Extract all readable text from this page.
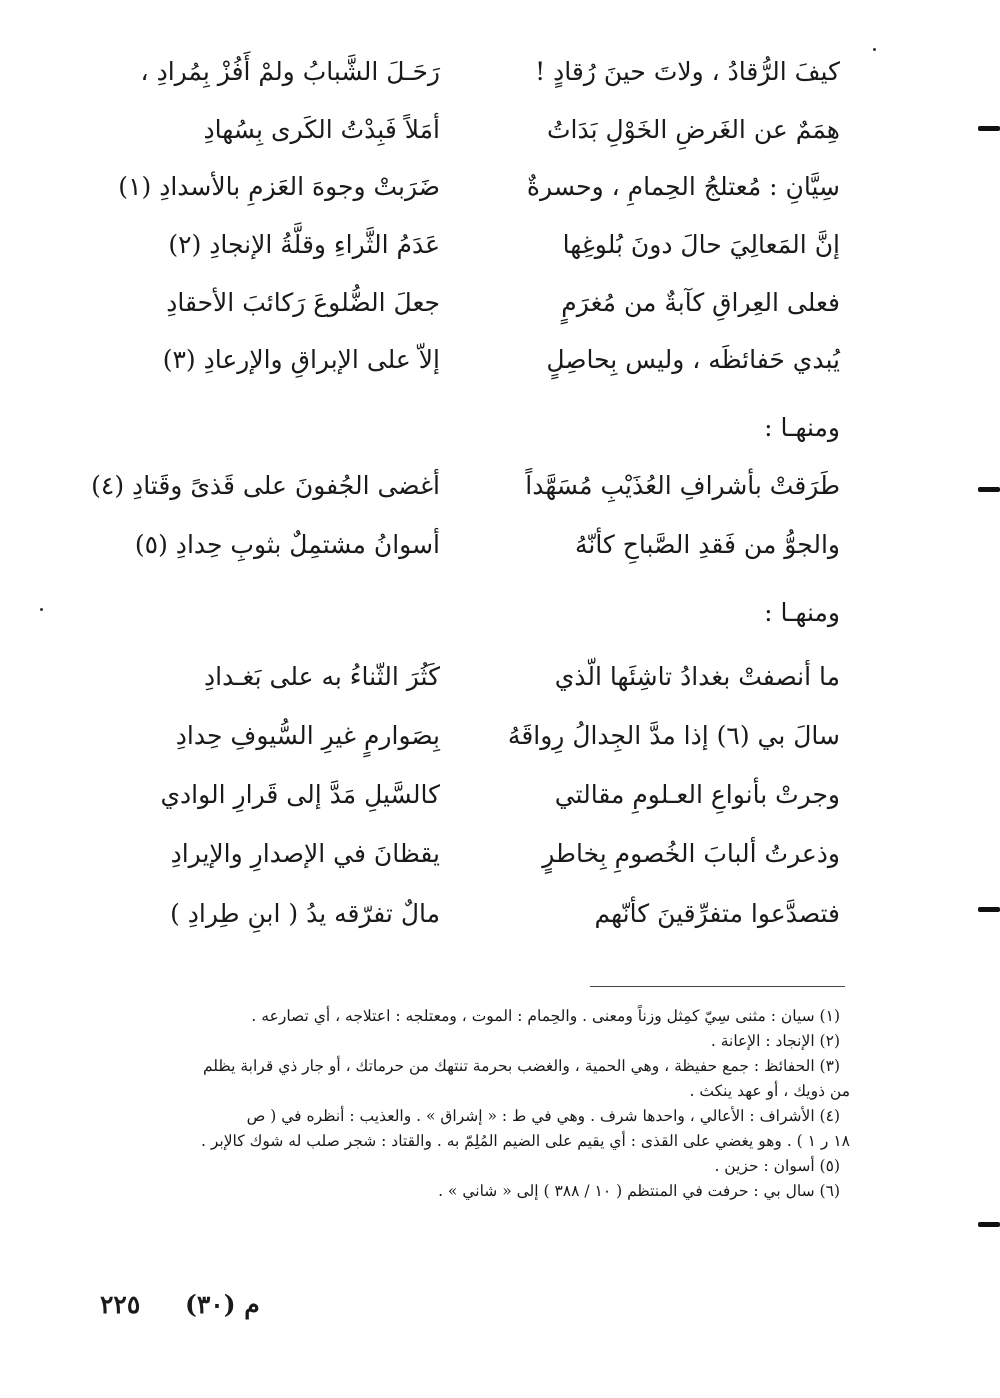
كيفَ الرُّقادُ ، ولاتَ حينَ رُقادٍ !
رَحَـلَ الشَّبابُ ولمْ أَفُزْ بِمُرادِ ،
هِمَمٌ عن الغَرضِ الخَوْلِ بَدَاتُ
أمَلاً فَبِدْتُ الكَرى بِسُهادِ
سِيَّانِ : مُعتلجُ الحِمامِ ، وحسرةٌ
ضَرَبتْ وجوهَ العَزمِ بالأسدادِ (١)
إنَّ المَعالِيَ حالَ دونَ بُلوغِها
عَدَمُ الثَّراءِ وقلَّةُ الإنجادِ (٢)
فعلى العِراقِ كآبةٌ من مُغرَمٍ
جعلَ الضُّلوعَ رَكائبَ الأحقادِ
يُبدي حَفائظَه ، وليس بِحاصِلٍ
إلاّ على الإبراقِ والإرعادِ (٣)
ومنهـا :
طَرَقتْ بأشرافِ العُذَيْبِ مُسَهَّداً
أغضى الجُفونَ على قَذىً وقَتادِ (٤)
والجوُّ من فَقدِ الصَّباحِ كأنّهُ
أسوانُ مشتمِلٌ بثوبِ حِدادِ (٥)
ومنهـا :
ما أنصفتْ بغدادُ تاشِئَها الّذي
كَثُرَ الثّناءُ به على بَغـدادِ
سالَ بي (٦) إذا مدَّ الجِدالُ رِواقَهُ
بِصَوارمٍ غيرِ السُّيوفِ حِدادِ
وجرتْ بأنواعِ العـلومِ مقالتي
كالسَّيلِ مَدَّ إلى قَرارِ الوادي
وذعرتُ ألبابَ الخُصومِ بِخاطرٍ
يقظانَ في الإصدارِ والإيرادِ
فتصدَّعوا متفرِّقينَ كأنّهم
مالٌ تفرّقه يدُ ( ابنِ طِرادِ )
(١) سيان : مثنى سِيّ كمِثل وزناً ومعنى . والحِمام : الموت ، ومعتلجه : اعتلاجه ، أي تصارعه .
(٢) الإنجاد : الإعانة .
(٣) الحفائظ : جمع حفيظة ، وهي الحمية ، والغضب بحرمة تنتهك من حرماتك ، أو جار ذي قرابة يظلم
من ذويك ، أو عهد ينكث .
(٤) الأشراف : الأعالي ، واحدها شرف . وهي في ط : « إشراق » . والعذيب : أنظره في ( ص
١٨ ر ١ ) . وهو يغضي على القذى : أي يقيم على الضيم المُلِمّ به . والقتاد : شجر صلب له شوك كالإبر .
(٥) أسوان : حزين .
(٦) سال بي : حرفت في المنتظم ( ١٠ / ٣٨٨ ) إلى « شاني » .
م (٣٠)
٢٢٥
